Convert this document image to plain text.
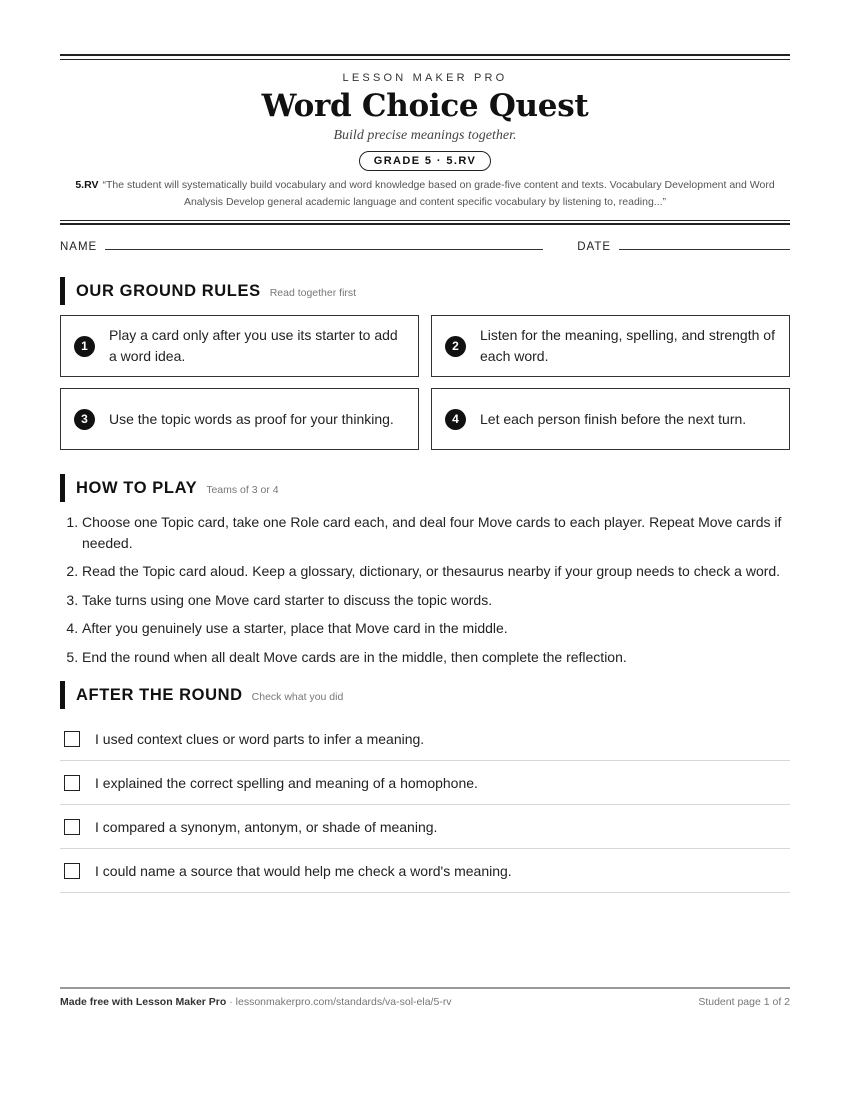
LESSON MAKER PRO
Word Choice Quest
Build precise meanings together.
GRADE 5 · 5.RV
5.RV “The student will systematically build vocabulary and word knowledge based on grade-five content and texts. Vocabulary Development and Word Analysis Develop general academic language and content specific vocabulary by listening to, reading...”
NAME	DATE
OUR GROUND RULES Read together first
1
Play a card only after you use its starter to add a word idea.
2
Listen for the meaning, spelling, and strength of each word.
3	Use the topic words as proof for your thinking.	4	Let each person finish before the next turn.
HOW TO PLAY Teams of 3 or 4
1. Choose one Topic card, take one Role card each, and deal four Move cards to each player. Repeat Move cards if needed.
2. Read the Topic card aloud. Keep a glossary, dictionary, or thesaurus nearby if your group needs to check a word.
3. Take turns using one Move card starter to discuss the topic words.
4. After you genuinely use a starter, place that Move card in the middle.
5. End the round when all dealt Move cards are in the middle, then complete the reflection.
AFTER THE ROUND Check what you did
I used context clues or word parts to infer a meaning.
I explained the correct spelling and meaning of a homophone.
I compared a synonym, antonym, or shade of meaning.
I could name a source that would help me check a word's meaning.
Made free with Lesson Maker Pro · lessonmakerpro.com/standards/va-sol-ela/5-rv	Student page 1 of 2
